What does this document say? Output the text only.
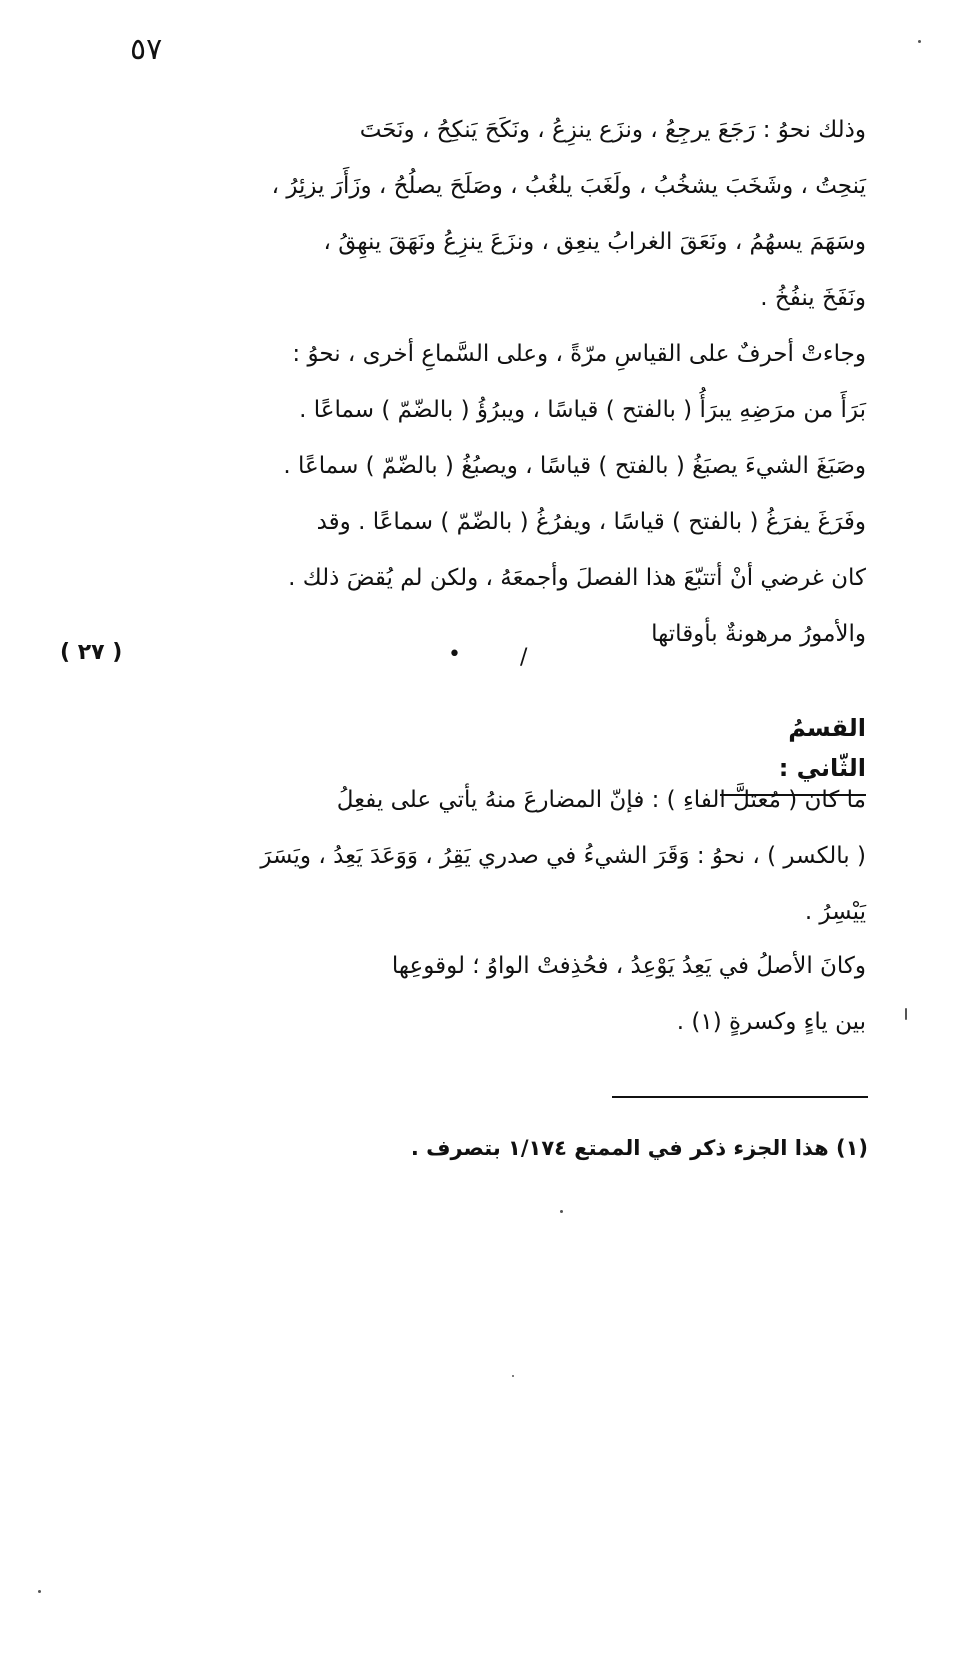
٥٧
وذلك نحوُ : رَجَعَ يرجِعُ ، ونزَع ينزِعُ ، ونَكَحَ يَنكِحُ ، ونَحَتَ
يَنحِتُ ، وشَخَبَ يشخُبُ ، ولَغَبَ يلغُبُ ، وصَلَحَ يصلُحُ ، وزَأَرَ يزئِرُ ،
وسَهَمَ يسهُمُ ، ونَعَقَ الغرابُ ينعِق ، ونزَعَ ينزِعُ ونَهَقَ ينهِقُ ،
ونَفَخَ ينفُخُ .
وجاءتْ أحرفٌ على القياسِ مرّةً ، وعلى السَّماعِ أخرى ، نحوُ :
بَرَأَ من مرَضِهِ يبرَأُ ( بالفتح ) قياسًا ، ويبرُؤُ ( بالضّمّ ) سماعًا .
وصَبَغَ الشيءَ يصبَغُ ( بالفتح ) قياسًا ، ويصبُغُ ( بالضّمّ ) سماعًا .
وفَرَغَ يفرَغُ ( بالفتح ) قياسًا ، ويفرُغُ ( بالضّمّ ) سماعًا . وقد
كان غرضي أنْ أتتبّعَ هذا الفصلَ وأجمعَهُ ، ولكن لم يُقضَ ذلك .
والأمورُ مرهونةٌ بأوقاتها
/
•
( ٢٧ )
القسمُ الثّاني :
ما كان ( مُعتلَّ الفاءِ ) : فإنّ المضارعَ منهُ يأتي على يفعِلُ
( بالكسر ) ، نحوُ : وَقَرَ الشيءُ في صدري يَقِرُ ، وَوَعَدَ يَعِدُ ، ويَسَرَ
يَيْسِرُ .
وكانَ الأصلُ في يَعِدُ يَوْعِدُ ، فحُذِفتْ الواوُ ؛ لوقوعِها
بين ياءٍ وكسرةٍ (١) .
(١) هذا الجزء ذكر في الممتع ١/١٧٤ بتصرف .
